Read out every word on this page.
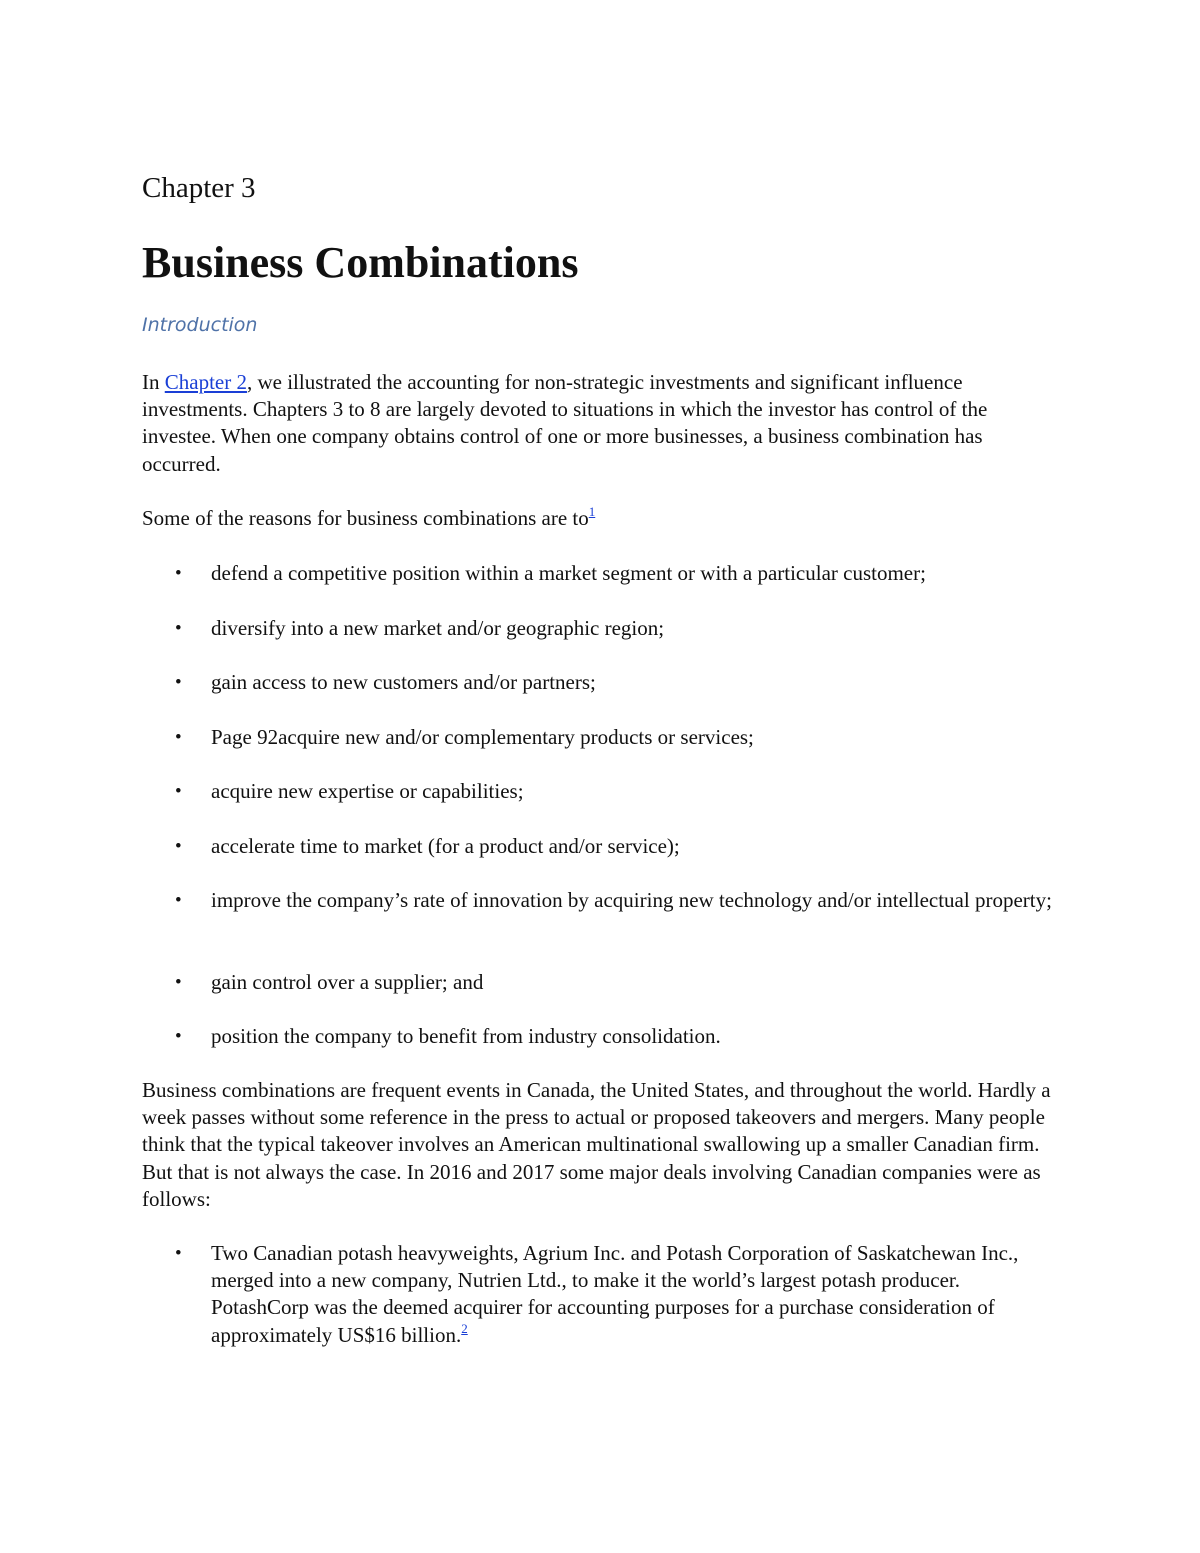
Chapter 3
Business Combinations
Introduction

In Chapter 2, we illustrated the accounting for non-strategic investments and significant influence investments. Chapters 3 to 8 are largely devoted to situations in which the investor has control of the investee. When one company obtains control of one or more businesses, a business combination has occurred.

Some of the reasons for business combinations are to$^1$

• defend a competitive position within a market segment or with a particular customer;
• diversify into a new market and/or geographic region;
• gain access to new customers and/or partners;
• Page 92acquire new and/or complementary products or services;
• acquire new expertise or capabilities;
• accelerate time to market (for a product and/or service);
• improve the company’s rate of innovation by acquiring new technology and/or intellectual property;
• gain control over a supplier; and
• position the company to benefit from industry consolidation.

Business combinations are frequent events in Canada, the United States, and throughout the world. Hardly a week passes without some reference in the press to actual or proposed takeovers and mergers. Many people think that the typical takeover involves an American multinational swallowing up a smaller Canadian firm. But that is not always the case. In 2016 and 2017 some major deals involving Canadian companies were as follows:

• Two Canadian potash heavyweights, Agrium Inc. and Potash Corporation of Saskatchewan Inc., merged into a new company, Nutrien Ltd., to make it the world’s largest potash producer. PotashCorp was the deemed acquirer for accounting purposes for a purchase consideration of approximately US$16 billion.$^2$
